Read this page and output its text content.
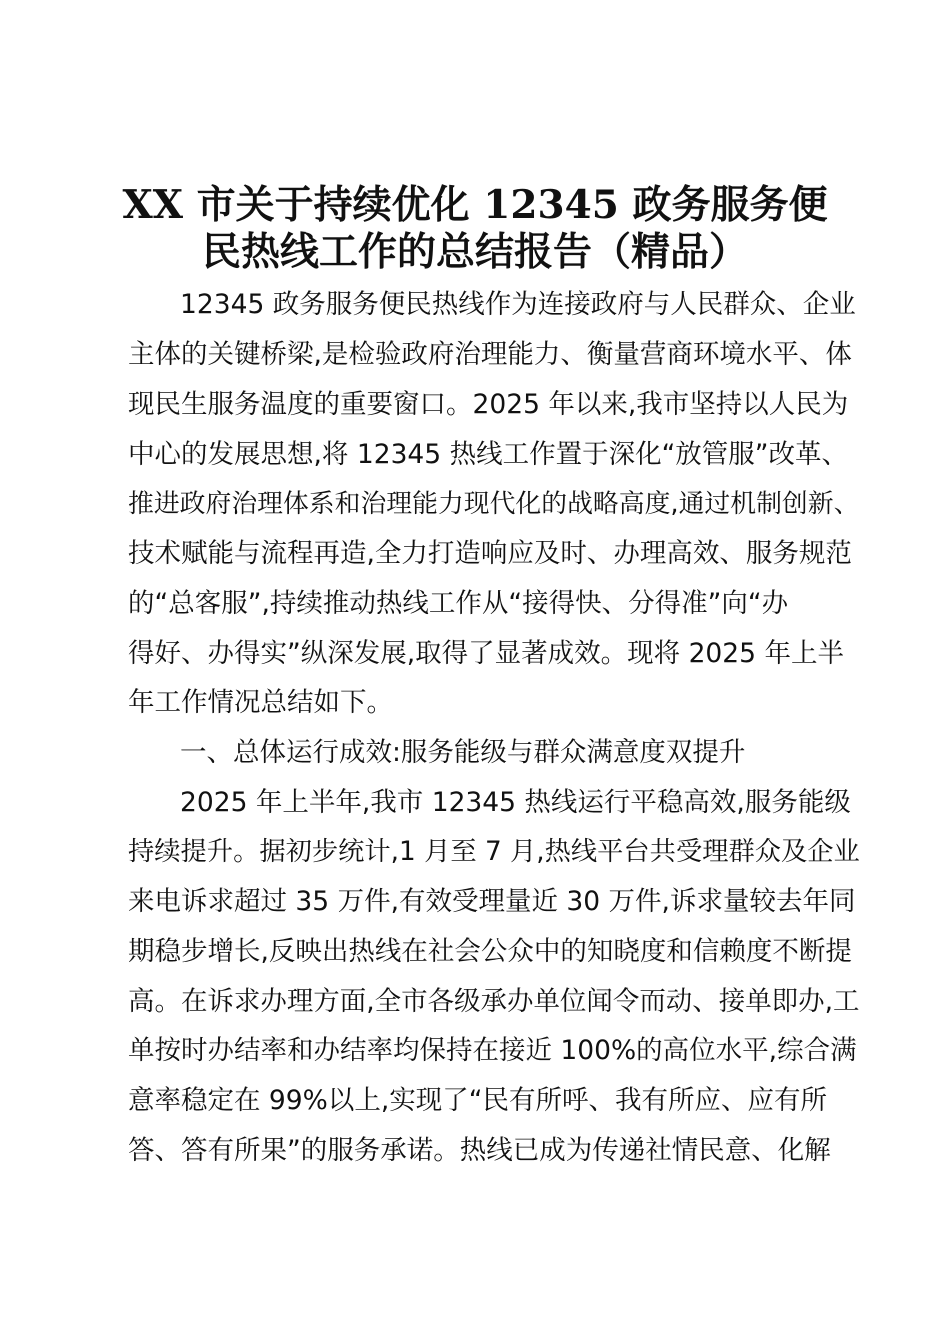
XX 市关于持续优化 12345 政务服务便
民热线工作的总结报告（精品）
12345 政务服务便民热线作为连接政府与人民群众、企业
主体的关键桥梁,是检验政府治理能力、衡量营商环境水平、体
现民生服务温度的重要窗口。2025 年以来,我市坚持以人民为
中心的发展思想,将 12345 热线工作置于深化“放管服”改革、
推进政府治理体系和治理能力现代化的战略高度,通过机制创新、
技术赋能与流程再造,全力打造响应及时、办理高效、服务规范
的“总客服”,持续推动热线工作从“接得快、分得准”向“办
得好、办得实”纵深发展,取得了显著成效。现将 2025 年上半
年工作情况总结如下。
一、总体运行成效:服务能级与群众满意度双提升
2025 年上半年,我市 12345 热线运行平稳高效,服务能级
持续提升。据初步统计,1 月至 7 月,热线平台共受理群众及企业
来电诉求超过 35 万件,有效受理量近 30 万件,诉求量较去年同
期稳步增长,反映出热线在社会公众中的知晓度和信赖度不断提
高。在诉求办理方面,全市各级承办单位闻令而动、接单即办,工
单按时办结率和办结率均保持在接近 100%的高位水平,综合满
意率稳定在 99%以上,实现了“民有所呼、我有所应、应有所
答、答有所果”的服务承诺。热线已成为传递社情民意、化解
